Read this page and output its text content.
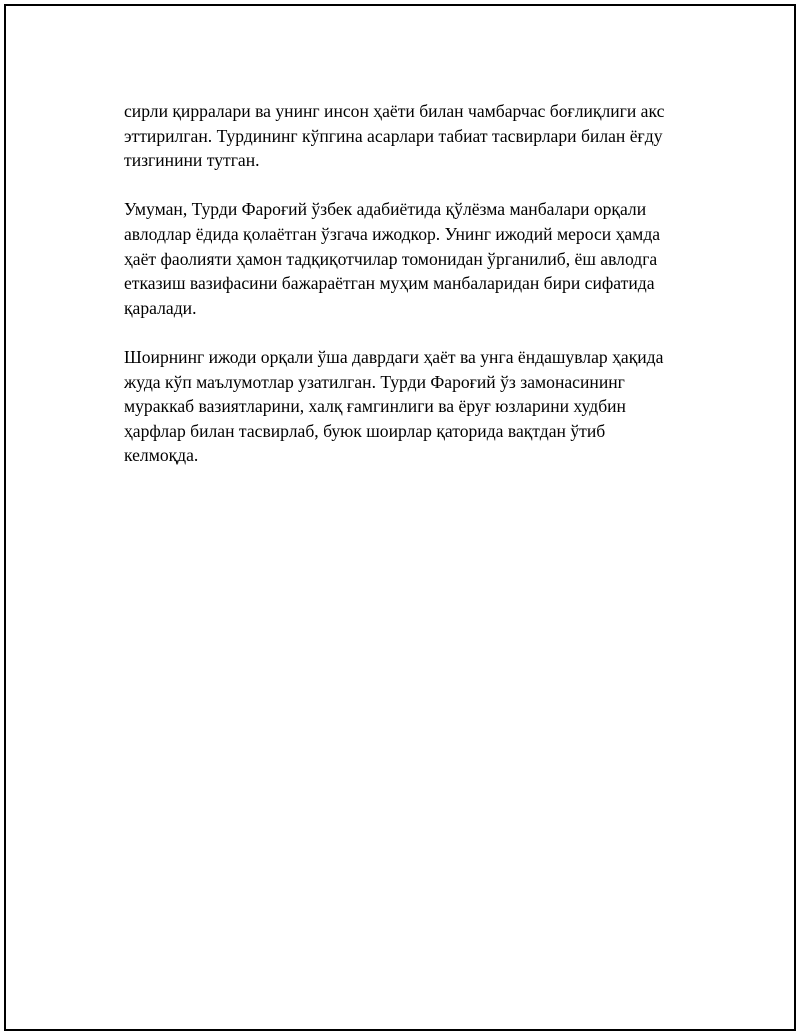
сирли қирралари ва унинг инсон ҳаёти билан чамбарчас боғлиқлиги акс
эттирилган. Турдининг кўпгина асарлари табиат тасвирлари билан ёғду
тизгинини тутган.

Умуман, Турди Фароғий ўзбек адабиётида қўлёзма манбалари орқали
авлодлар ёдида қолаётган ўзгача ижодкор. Унинг ижодий мероси ҳамда
ҳаёт фаолияти ҳамон тадқиқотчилар томонидан ўрганилиб, ёш авлодга
етказиш вазифасини бажараётган муҳим манбаларидан бири сифатида
қаралади.

Шоирнинг ижоди орқали ўша даврдаги ҳаёт ва унга ёндашувлар ҳақида
жуда кўп маълумотлар узатилган. Турди Фароғий ўз замонасининг
мураккаб вазиятларини, халқ ғамгинлиги ва ёруғ юзларини худбин
ҳарфлар билан тасвирлаб, буюк шоирлар қаторида вақтдан ўтиб
келмоқда.
